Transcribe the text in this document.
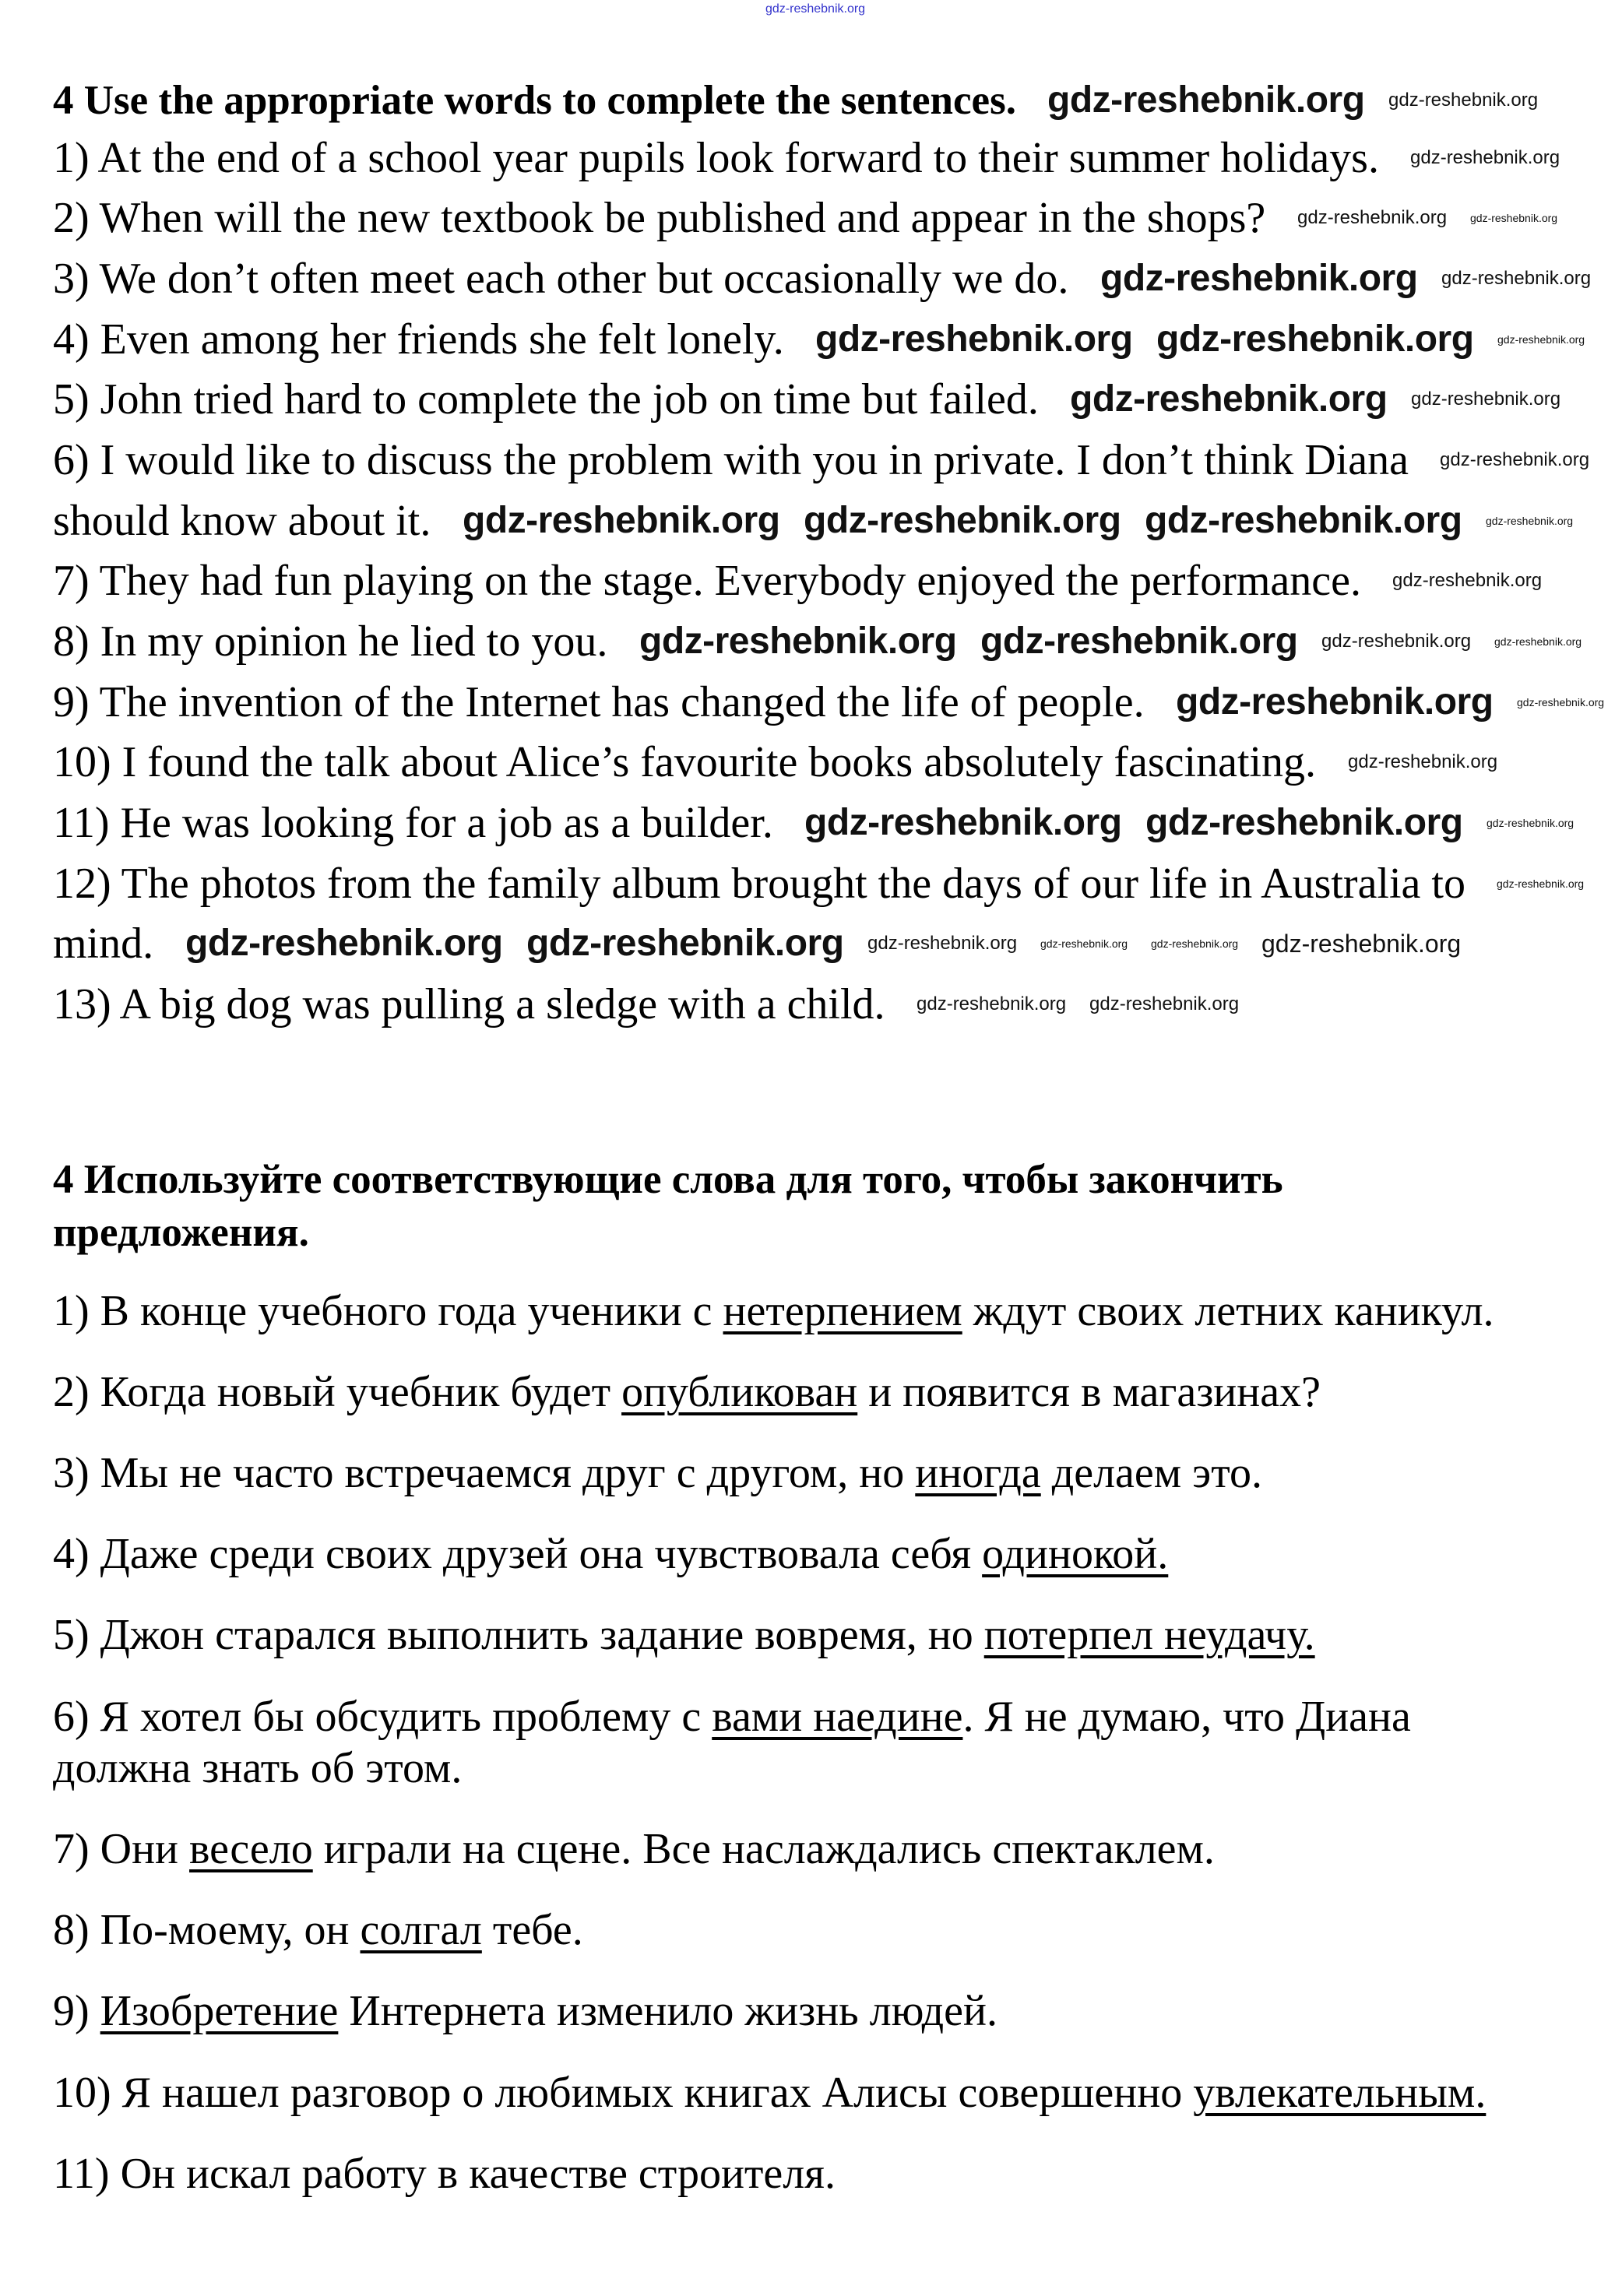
4 Use the appropriate words to complete the sentences.
1) At the end of a school year pupils look forward to their summer holidays.
2) When will the new textbook be published and appear in the shops?
3) We don’t often meet each other but occasionally we do.
4) Even among her friends she felt lonely.
5) John tried hard to complete the job on time but failed.
6) I would like to discuss the problem with you in private. I don’t think Diana
should know about it.
7) They had fun playing on the stage. Everybody enjoyed the performance.
8) In my opinion he lied to you.
9) The invention of the Internet has changed the life of people.
10) I found the talk about Alice’s favourite books absolutely fascinating.
11) He was looking for a job as a builder.
12) The photos from the family album brought the days of our life in Australia to
mind.
13) A big dog was pulling a sledge with a child.
4 Используйте соответствующие слова для того, чтобы закончить
предложения.
1) В конце учебного года ученики с нетерпением ждут своих летних каникул.
2) Когда новый учебник будет опубликован и появится в магазинах?
3) Мы не часто встречаемся друг с другом, но иногда делаем это.
4) Даже среди своих друзей она чувствовала себя одинокой.
5) Джон старался выполнить задание вовремя, но потерпел неудачу.
6) Я хотел бы обсудить проблему с вами наедине. Я не думаю, что Диана
должна знать об этом.
7) Они весело играли на сцене. Все наслаждались спектаклем.
8) По-моему, он солгал тебе.
9) Изобретение Интернета изменило жизнь людей.
10) Я нашел разговор о любимых книгах Алисы совершенно увлекательным.
11) Он искал работу в качестве строителя.
gdz-reshebnik.org
gdz-reshebnik.org
gdz-reshebnik.org
gdz-reshebnik.org gdz-reshebnik.org
gdz-reshebnik.org
gdz-reshebnik.org gdz-reshebnik.org gdz-reshebnik.org
gdz-reshebnik.org gdz-reshebnik.org
gdz-reshebnik.org
gdz-reshebnik.org gdz-reshebnik.org
gdz-reshebnik.org gdz-reshebnik.org
gdz-reshebnik.org
gdz-reshebnik.org
gdz-reshebnik.org
gdz-reshebnik.org
gdz-reshebnik.org
gdz-reshebnik.org
gdz-reshebnik.org
gdz-reshebnik.org
gdz-reshebnik.org
gdz-reshebnik.org
gdz-reshebnik.org
gdz-reshebnik.org
gdz-reshebnik.org
gdz-reshebnik.org
gdz-reshebnik.org
gdz-reshebnik.org
gdz-reshebnik.org
gdz-reshebnik.org gdz-reshebnik.org gdz-reshebnik.org
gdz-reshebnik.org gdz-reshebnik.org
